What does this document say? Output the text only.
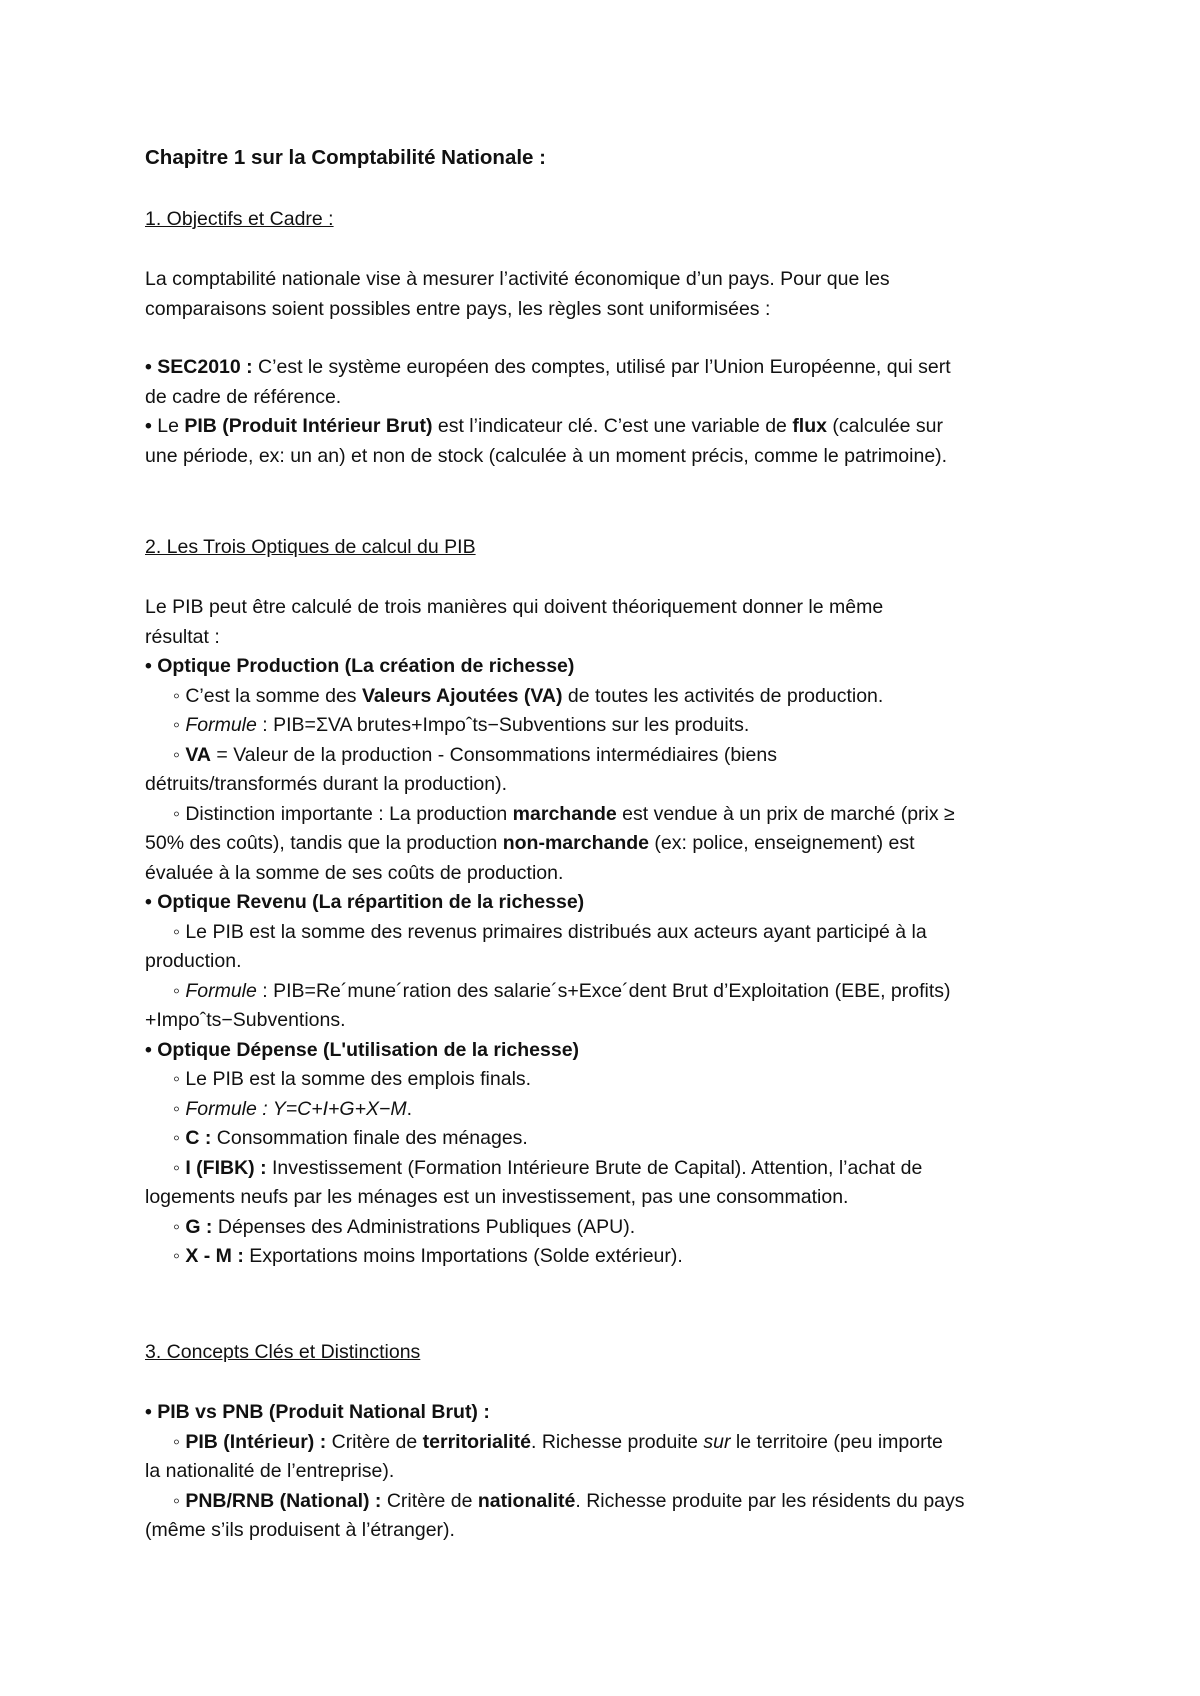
Chapitre 1 sur la Comptabilité Nationale :
1. Objectifs et Cadre :
La comptabilité nationale vise à mesurer l’activité économique d’un pays. Pour que les
comparaisons soient possibles entre pays, les règles sont uniformisées :
• SEC2010 : C’est le système européen des comptes, utilisé par l’Union Européenne, qui sert
de cadre de référence.
• Le PIB (Produit Intérieur Brut) est l’indicateur clé. C’est une variable de flux (calculée sur
une période, ex: un an) et non de stock (calculée à un moment précis, comme le patrimoine).
2. Les Trois Optiques de calcul du PIB
Le PIB peut être calculé de trois manières qui doivent théoriquement donner le même
résultat :
• Optique Production (La création de richesse)
◦ C’est la somme des Valeurs Ajoutées (VA) de toutes les activités de production.
◦ Formule : PIB=ΣVA brutes+Impoˆts−Subventions sur les produits.
◦ VA = Valeur de la production - Consommations intermédiaires (biens
détruits/transformés durant la production).
◦ Distinction importante : La production marchande est vendue à un prix de marché (prix ≥
50% des coûts), tandis que la production non-marchande (ex: police, enseignement) est
évaluée à la somme de ses coûts de production.
• Optique Revenu (La répartition de la richesse)
◦ Le PIB est la somme des revenus primaires distribués aux acteurs ayant participé à la
production.
◦ Formule : PIB=Re´mune´ration des salarie´s+Exce´dent Brut d’Exploitation (EBE, profits)
+Impoˆts−Subventions.
• Optique Dépense (L'utilisation de la richesse)
◦ Le PIB est la somme des emplois finals.
◦ Formule : Y=C+I+G+X−M.
◦ C : Consommation finale des ménages.
◦ I (FIBK) : Investissement (Formation Intérieure Brute de Capital). Attention, l’achat de
logements neufs par les ménages est un investissement, pas une consommation.
◦ G : Dépenses des Administrations Publiques (APU).
◦ X - M : Exportations moins Importations (Solde extérieur).
3. Concepts Clés et Distinctions
• PIB vs PNB (Produit National Brut) :
◦ PIB (Intérieur) : Critère de territorialité. Richesse produite sur le territoire (peu importe
la nationalité de l’entreprise).
◦ PNB/RNB (National) : Critère de nationalité. Richesse produite par les résidents du pays
(même s’ils produisent à l’étranger).
